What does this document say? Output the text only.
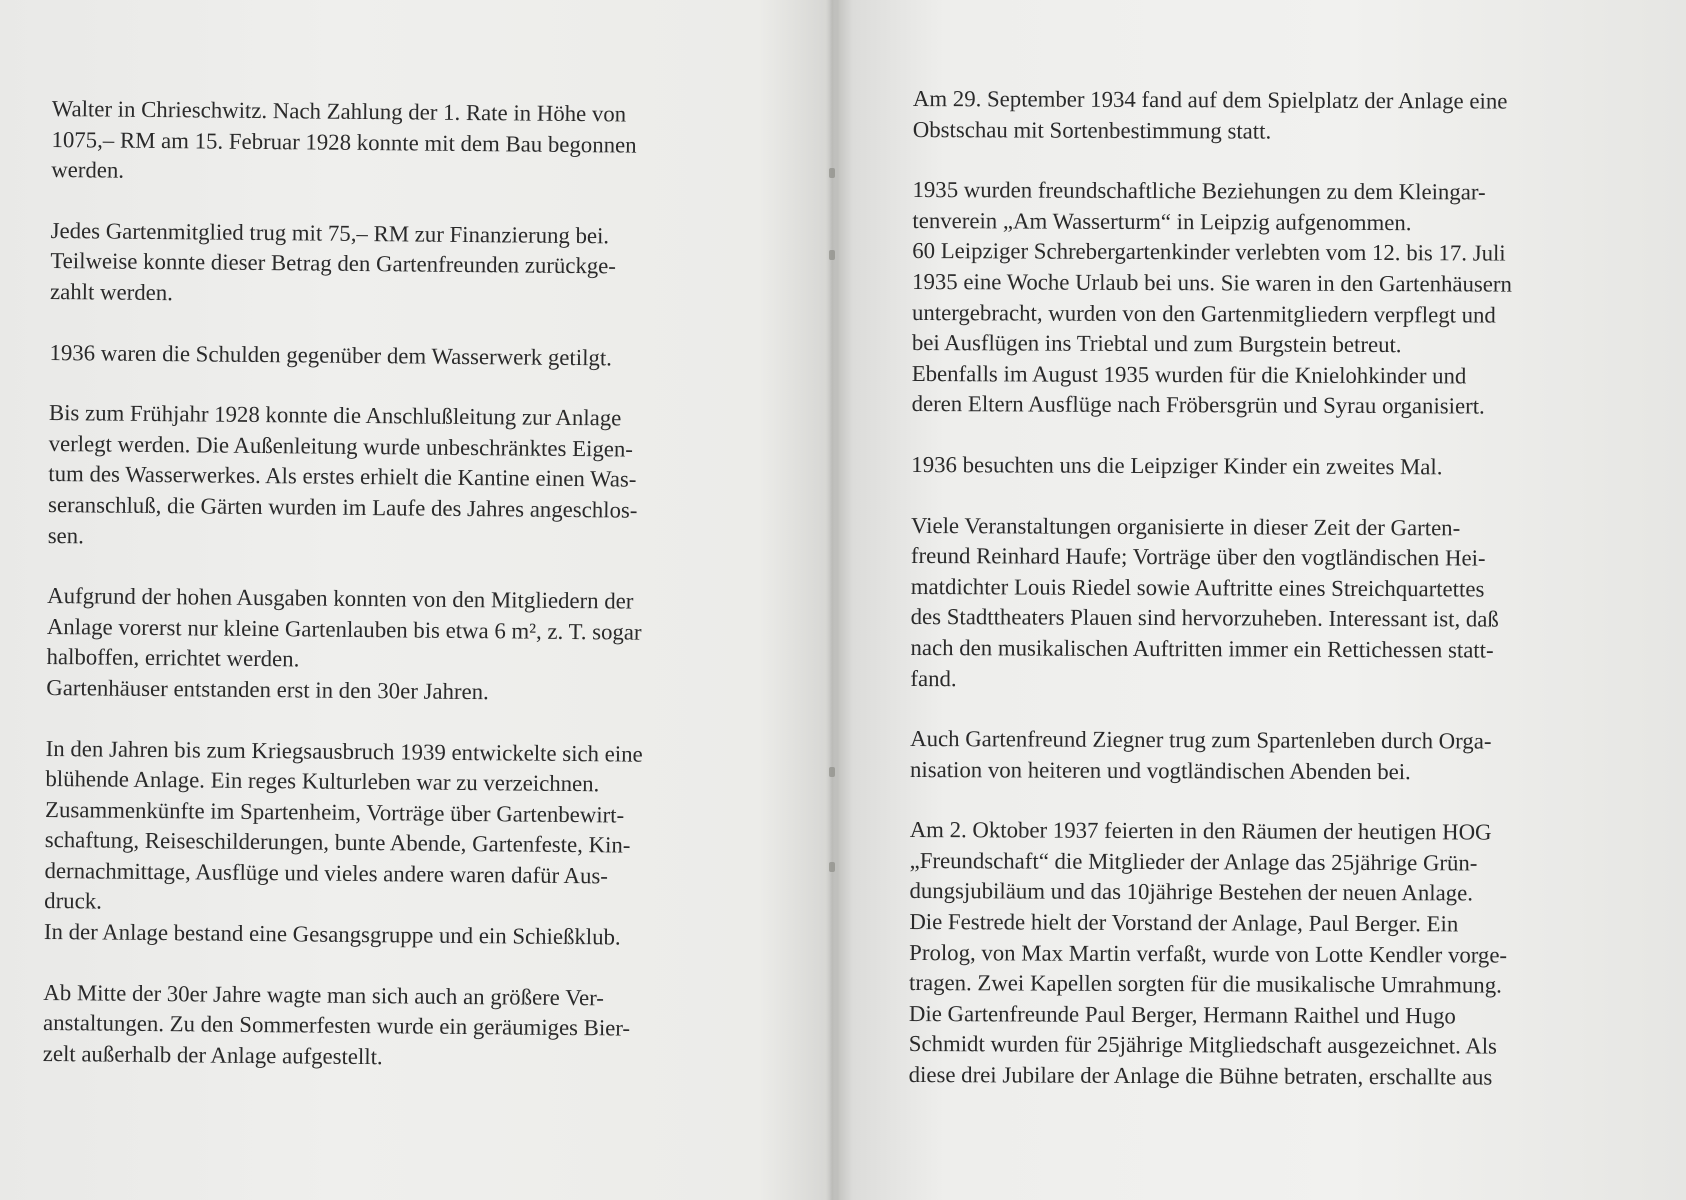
Walter in Chrieschwitz. Nach Zahlung der 1. Rate in Höhe von
1075,– RM am 15. Februar 1928 konnte mit dem Bau begonnen
werden.

Jedes Gartenmitglied trug mit 75,– RM zur Finanzierung bei.
Teilweise konnte dieser Betrag den Gartenfreunden zurückge-
zahlt werden.

1936 waren die Schulden gegenüber dem Wasserwerk getilgt.

Bis zum Frühjahr 1928 konnte die Anschlußleitung zur Anlage
verlegt werden. Die Außenleitung wurde unbeschränktes Eigen-
tum des Wasserwerkes. Als erstes erhielt die Kantine einen Was-
seranschluß, die Gärten wurden im Laufe des Jahres angeschlos-
sen.

Aufgrund der hohen Ausgaben konnten von den Mitgliedern der
Anlage vorerst nur kleine Gartenlauben bis etwa 6 m², z. T. sogar
halboffen, errichtet werden.
Gartenhäuser entstanden erst in den 30er Jahren.

In den Jahren bis zum Kriegsausbruch 1939 entwickelte sich eine
blühende Anlage. Ein reges Kulturleben war zu verzeichnen.
Zusammenkünfte im Spartenheim, Vorträge über Gartenbewirt-
schaftung, Reiseschilderungen, bunte Abende, Gartenfeste, Kin-
dernachmittage, Ausflüge und vieles andere waren dafür Aus-
druck.
In der Anlage bestand eine Gesangsgruppe und ein Schießklub.

Ab Mitte der 30er Jahre wagte man sich auch an größere Ver-
anstaltungen. Zu den Sommerfesten wurde ein geräumiges Bier-
zelt außerhalb der Anlage aufgestellt.

Am 29. September 1934 fand auf dem Spielplatz der Anlage eine
Obstschau mit Sortenbestimmung statt.

1935 wurden freundschaftliche Beziehungen zu dem Kleingar-
tenverein „Am Wasserturm“ in Leipzig aufgenommen.
60 Leipziger Schrebergartenkinder verlebten vom 12. bis 17. Juli
1935 eine Woche Urlaub bei uns. Sie waren in den Gartenhäusern
untergebracht, wurden von den Gartenmitgliedern verpflegt und
bei Ausflügen ins Triebtal und zum Burgstein betreut.
Ebenfalls im August 1935 wurden für die Knielohkinder und
deren Eltern Ausflüge nach Fröbersgrün und Syrau organisiert.

1936 besuchten uns die Leipziger Kinder ein zweites Mal.

Viele Veranstaltungen organisierte in dieser Zeit der Garten-
freund Reinhard Haufe; Vorträge über den vogtländischen Hei-
matdichter Louis Riedel sowie Auftritte eines Streichquartettes
des Stadttheaters Plauen sind hervorzuheben. Interessant ist, daß
nach den musikalischen Auftritten immer ein Rettichessen statt-
fand.

Auch Gartenfreund Ziegner trug zum Spartenleben durch Orga-
nisation von heiteren und vogtländischen Abenden bei.

Am 2. Oktober 1937 feierten in den Räumen der heutigen HOG
„Freundschaft“ die Mitglieder der Anlage das 25jährige Grün-
dungsjubiläum und das 10jährige Bestehen der neuen Anlage.
Die Festrede hielt der Vorstand der Anlage, Paul Berger. Ein
Prolog, von Max Martin verfaßt, wurde von Lotte Kendler vorge-
tragen. Zwei Kapellen sorgten für die musikalische Umrahmung.
Die Gartenfreunde Paul Berger, Hermann Raithel und Hugo
Schmidt wurden für 25jährige Mitgliedschaft ausgezeichnet. Als
diese drei Jubilare der Anlage die Bühne betraten, erschallte aus
